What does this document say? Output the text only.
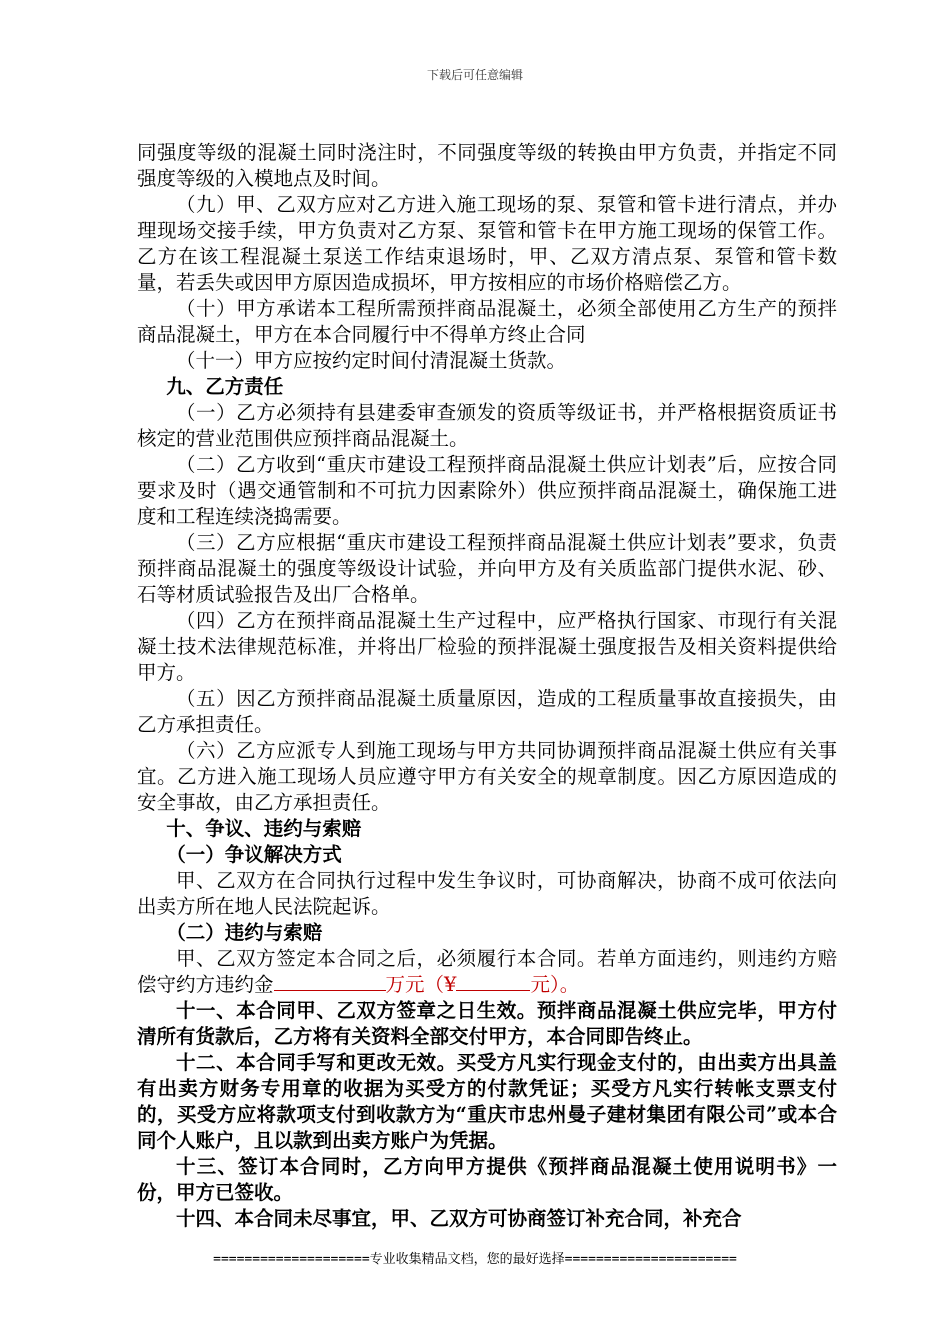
下载后可任意编辑

同强度等级的混凝土同时浇注时，不同强度等级的转换由甲方负责，并指定不同强度等级的入模地点及时间。

（九）甲、乙双方应对乙方进入施工现场的泵、泵管和管卡进行清点，并办理现场交接手续，甲方负责对乙方泵、泵管和管卡在甲方施工现场的保管工作。乙方在该工程混凝土泵送工作结束退场时，甲、乙双方清点泵、泵管和管卡数量，若丢失或因甲方原因造成损坏，甲方按相应的市场价格赔偿乙方。

（十）甲方承诺本工程所需预拌商品混凝土，必须全部使用乙方生产的预拌商品混凝土，甲方在本合同履行中不得单方终止合同

（十一）甲方应按约定时间付清混凝土货款。

九、乙方责任

（一）乙方必须持有县建委审查颁发的资质等级证书，并严格根据资质证书核定的营业范围供应预拌商品混凝土。

（二）乙方收到“重庆市建设工程预拌商品混凝土供应计划表”后，应按合同要求及时（遇交通管制和不可抗力因素除外）供应预拌商品混凝土，确保施工进度和工程连续浇捣需要。

（三）乙方应根据“重庆市建设工程预拌商品混凝土供应计划表”要求，负责预拌商品混凝土的强度等级设计试验，并向甲方及有关质监部门提供水泥、砂、石等材质试验报告及出厂合格单。

（四）乙方在预拌商品混凝土生产过程中，应严格执行国家、市现行有关混凝土技术法律规范标准，并将出厂检验的预拌混凝土强度报告及相关资料提供给甲方。

（五）因乙方预拌商品混凝土质量原因，造成的工程质量事故直接损失，由乙方承担责任。

（六）乙方应派专人到施工现场与甲方共同协调预拌商品混凝土供应有关事宜。乙方进入施工现场人员应遵守甲方有关安全的规章制度。因乙方原因造成的安全事故，由乙方承担责任。

十、争议、违约与索赔

（一）争议解决方式

甲、乙双方在合同执行过程中发生争议时，可协商解决，协商不成可依法向出卖方所在地人民法院起诉。

（二）违约与索赔

甲、乙双方签定本合同之后，必须履行本合同。若单方面违约，则违约方赔偿守约方违约金	万元（¥	元）。

十一、本合同甲、乙双方签章之日生效。预拌商品混凝土供应完毕，甲方付清所有货款后，乙方将有关资料全部交付甲方，本合同即告终止。

十二、本合同手写和更改无效。买受方凡实行现金支付的，由出卖方出具盖有出卖方财务专用章的收据为买受方的付款凭证；买受方凡实行转帐支票支付的，买受方应将款项支付到收款方为“重庆市忠州曼子建材集团有限公司”或本合同个人账户，且以款到出卖方账户为凭据。

十三、签订本合同时，乙方向甲方提供《预拌商品混凝土使用说明书》一份，甲方已签收。

十四、本合同未尽事宜，甲、乙双方可协商签订补充合同，补充合

====================专业收集精品文档，您的最好选择======================
